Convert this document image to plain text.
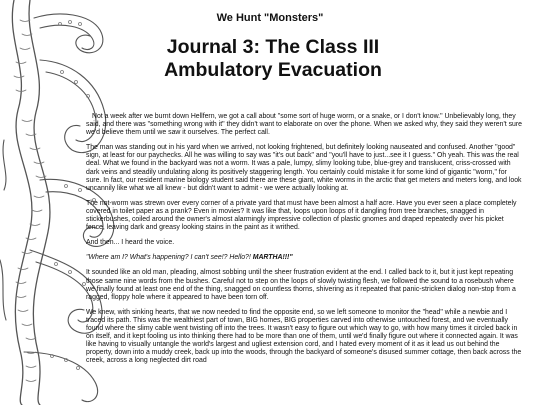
We Hunt "Monsters"
Journal 3: The Class III Ambulatory Evacuation

Not a week after we burnt down Hellfern, we got a call about "some sort of huge worm, or a snake, or I don't know." Unbelievably long, they said, and there was "something wrong with it" they didn't want to elaborate on over the phone. When we asked why, they said they weren't sure we'd believe them until we saw it ourselves. The perfect call.

The man was standing out in his yard when we arrived, not looking frightened, but definitely looking nauseated and confused. Another "good" sign, at least for our paychecks. All he was willing to say was "it's out back" and "you'll have to just...see it I guess." Oh yeah. This was the real deal. What we found in the backyard was not a worm. It was a pale, lumpy, slimy looking tube, blue-grey and translucent, criss-crossed with dark veins and steadily undulating along its positively staggering length. You certainly could mistake it for some kind of gigantic "worm," for sure. In fact, our resident marine biology student said there are these giant, white worms in the arctic that get meters and meters long, and look uncannily like what we all knew - but didn't want to admit - we were actually looking at.

The not-worm was strewn over every corner of a private yard that must have been almost a half acre. Have you ever seen a place completely covered in toilet paper as a prank? Even in movies? It was like that, loops upon loops of it dangling from tree branches, snagged in stickerbushes, coiled around the owner's almost alarmingly impressive collection of plastic gnomes and draped repeatedly over his picket fence, leaving dark and greasy looking stains in the paint as it writhed.

And then... I heard the voice.

"Where am I? What's happening? I can't see!? Hello?! MARTHA!!!"

It sounded like an old man, pleading, almost sobbing until the sheer frustration evident at the end. I called back to it, but it just kept repeating those same nine words from the bushes. Careful not to step on the loops of slowly twisting flesh, we followed the sound to a rosebush where we finally found at least one end of the thing, snagged on countless thorns, shivering as it repeated that panic-stricken dialog non-stop from a ragged, floppy hole where it appeared to have been torn off.

We knew, with sinking hearts, that we now needed to find the opposite end, so we left someone to monitor the "head" while a newbie and I traced its path. This was the wealthiest part of town, BIG homes, BIG properties carved into otherwise untouched forest, and we eventually found where the slimy cable went twisting off into the trees. It wasn't easy to figure out which way to go, with how many times it circled back in on itself, and it kept fooling us into thinking there had to be more than one of them, until we'd finally figure out where it connected again. It was like having to visually untangle the world's largest and ugliest extension cord, and I hated every moment of it as it lead us out behind the property, down into a muddy creek, back up into the woods, through the backyard of someone's disused summer cottage, then back across the creek, across a long neglected dirt road
